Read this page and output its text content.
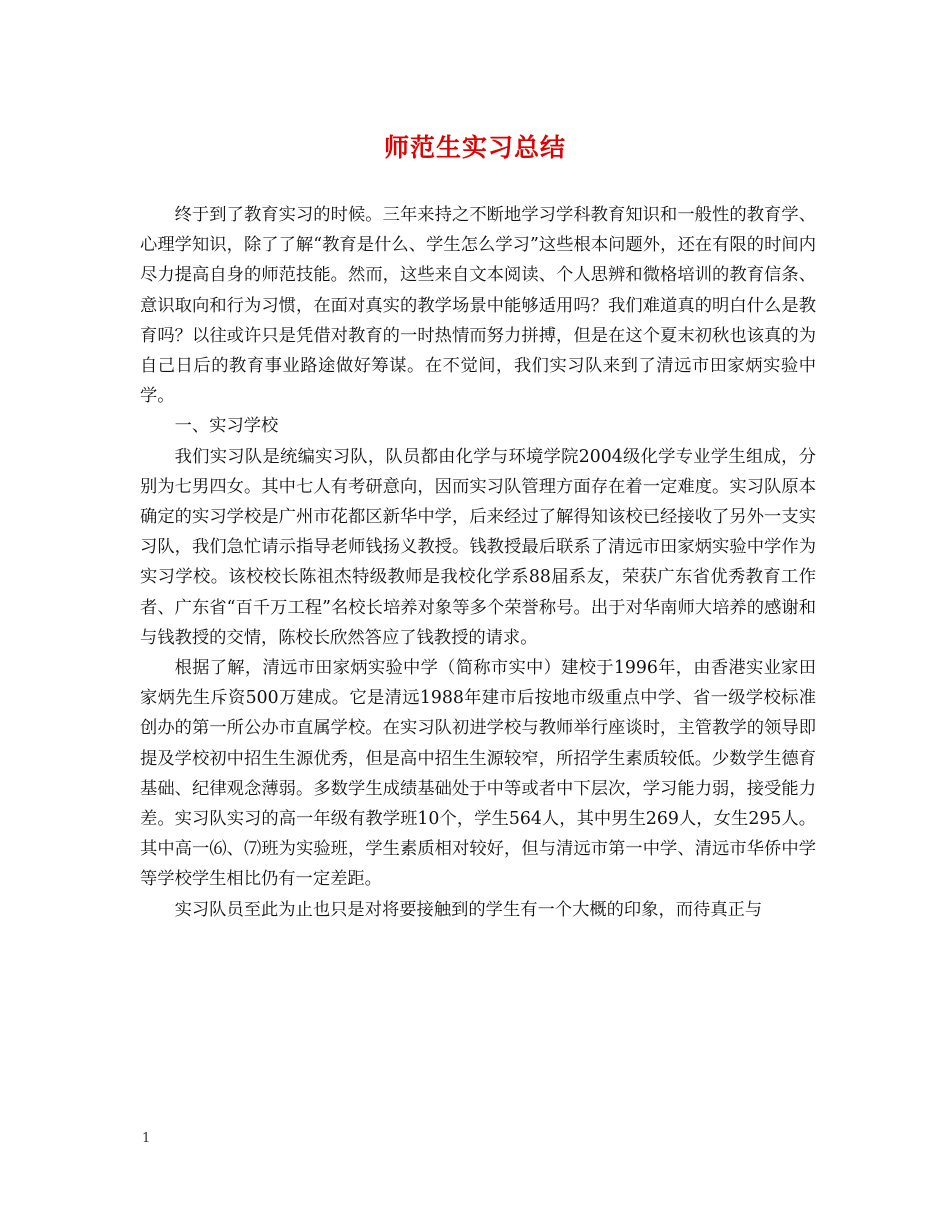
师范生实习总结

终于到了教育实习的时候。三年来持之不断地学习学科教育知识和一般性的教育学、心理学知识，除了了解“教育是什么、学生怎么学习”这些根本问题外，还在有限的时间内尽力提高自身的师范技能。然而，这些来自文本阅读、个人思辨和微格培训的教育信条、意识取向和行为习惯，在面对真实的教学场景中能够适用吗？我们难道真的明白什么是教育吗？以往或许只是凭借对教育的一时热情而努力拼搏，但是在这个夏末初秋也该真的为自己日后的教育事业路途做好筹谋。在不觉间，我们实习队来到了清远市田家炳实验中学。

一、实习学校

我们实习队是统编实习队，队员都由化学与环境学院2004级化学专业学生组成，分别为七男四女。其中七人有考研意向，因而实习队管理方面存在着一定难度。实习队原本确定的实习学校是广州市花都区新华中学，后来经过了解得知该校已经接收了另外一支实习队，我们急忙请示指导老师钱扬义教授。钱教授最后联系了清远市田家炳实验中学作为实习学校。该校校长陈祖杰特级教师是我校化学系88届系友，荣获广东省优秀教育工作者、广东省“百千万工程”名校长培养对象等多个荣誉称号。出于对华南师大培养的感谢和与钱教授的交情，陈校长欣然答应了钱教授的请求。

根据了解，清远市田家炳实验中学（简称市实中）建校于1996年，由香港实业家田家炳先生斥资500万建成。它是清远1988年建市后按地市级重点中学、省一级学校标准创办的第一所公办市直属学校。在实习队初进学校与教师举行座谈时，主管教学的领导即提及学校初中招生生源优秀，但是高中招生生源较窄，所招学生素质较低。少数学生德育基础、纪律观念薄弱。多数学生成绩基础处于中等或者中下层次，学习能力弱，接受能力差。实习队实习的高一年级有教学班10个，学生564人，其中男生269人，女生295人。其中高一⑹、⑺班为实验班，学生素质相对较好，但与清远市第一中学、清远市华侨中学等学校学生相比仍有一定差距。

实习队员至此为止也只是对将要接触到的学生有一个大概的印象，而待真正与

1
